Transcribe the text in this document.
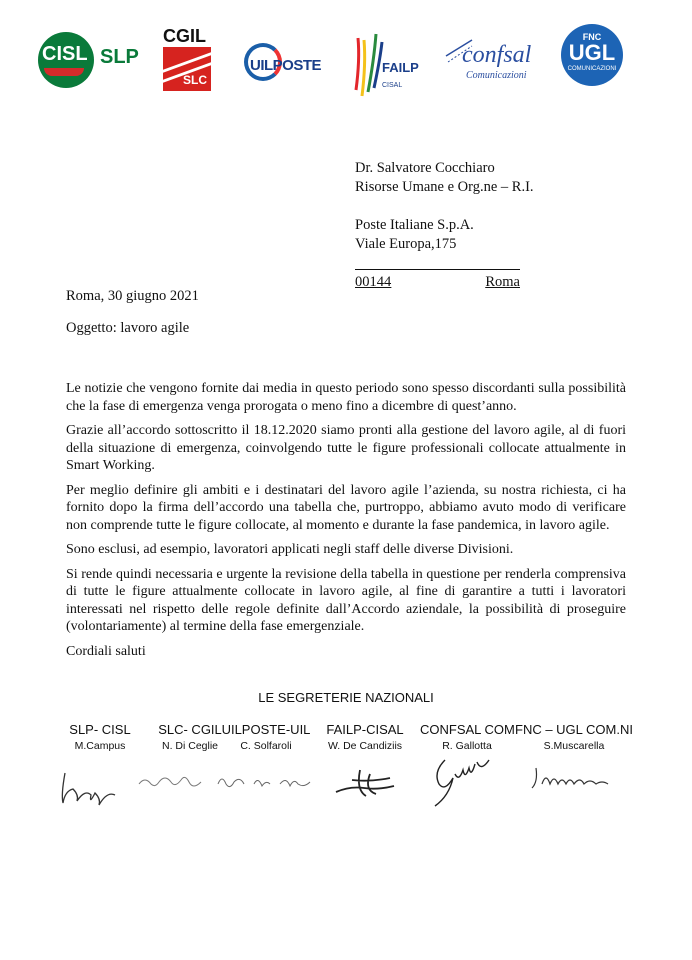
CISL SLP
CGIL
SLC
UILPOSTE	FAILP CISAL
confsal
Comunicazioni
FNC
UGL
COMUNICAZIONI

Dr. Salvatore Cocchiaro

Risorse Umane e Org.ne – R.I.

Poste Italiane S.p.A.

Viale Europa,175

00144	Roma
Roma, 30 giugno 2021
Oggetto: lavoro agile

Le notizie che vengono fornite dai media in questo periodo sono spesso discordanti sulla possibilità che la fase di emergenza venga prorogata o meno fino a dicembre di quest’anno.

Grazie all’accordo sottoscritto il 18.12.2020 siamo pronti alla gestione del lavoro agile, al di fuori della situazione di emergenza, coinvolgendo tutte le figure professionali collocate attualmente in Smart Working.

Per meglio definire gli ambiti e i destinatari del lavoro agile l’azienda, su nostra richiesta, ci ha fornito dopo la firma dell’accordo una tabella che, purtroppo, abbiamo avuto modo di verificare non comprende tutte le figure collocate, al momento e durante la fase pandemica, in lavoro agile.

Sono esclusi, ad esempio, lavoratori applicati negli staff delle diverse Divisioni.

Si rende quindi necessaria e urgente la revisione della tabella in questione per renderla comprensiva di tutte le figure attualmente collocate in lavoro agile, al fine di garantire a tutti i lavoratori interessati nel rispetto delle regole definite dall’Accordo aziendale, la possibilità di proseguire (volontariamente) al termine della fase emergenziale.

Cordiali saluti

LE SEGRETERIE NAZIONALI
SLP- CISL
M.Campus
SLC- CGIL
N. Di Ceglie
UILPOSTE-UIL
C. Solfaroli
FAILP-CISAL
W. De Candiziis
CONFSAL COM
R. Gallotta
FNC – UGL COM.NI
S.Muscarella
